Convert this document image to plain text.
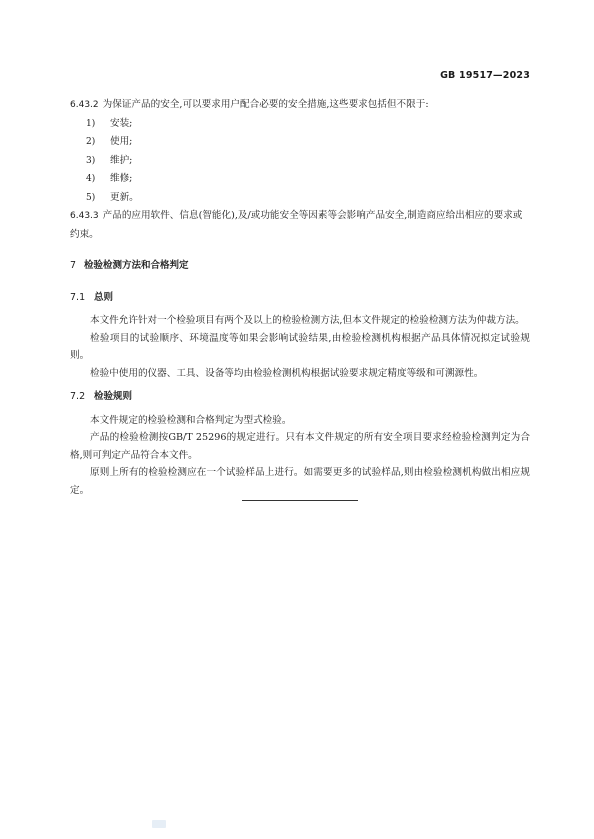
GB 19517—2023

6.43.2 为保证产品的安全,可以要求用户配合必要的安全措施,这些要求包括但不限于:

1) 安装;

2) 使用;

3) 维护;

4) 维修;

5) 更新。

6.43.3 产品的应用软件、信息(智能化),及/或功能安全等因素等会影响产品安全,制造商应给出相应的要求或约束。

7 检验检测方法和合格判定

7.1 总则

本文件允许针对一个检验项目有两个及以上的检验检测方法,但本文件规定的检验检测方法为仲裁方法。

检验项目的试验顺序、环境温度等如果会影响试验结果,由检验检测机构根据产品具体情况拟定试验规则。

检验中使用的仪器、工具、设备等均由检验检测机构根据试验要求规定精度等级和可溯源性。

7.2 检验规则

本文件规定的检验检测和合格判定为型式检验。

产品的检验检测按GB/T 25296的规定进行。只有本文件规定的所有安全项目要求经检验检测判定为合格,则可判定产品符合本文件。

原则上所有的检验检测应在一个试验样品上进行。如需要更多的试验样品,则由检验检测机构做出相应规定。
